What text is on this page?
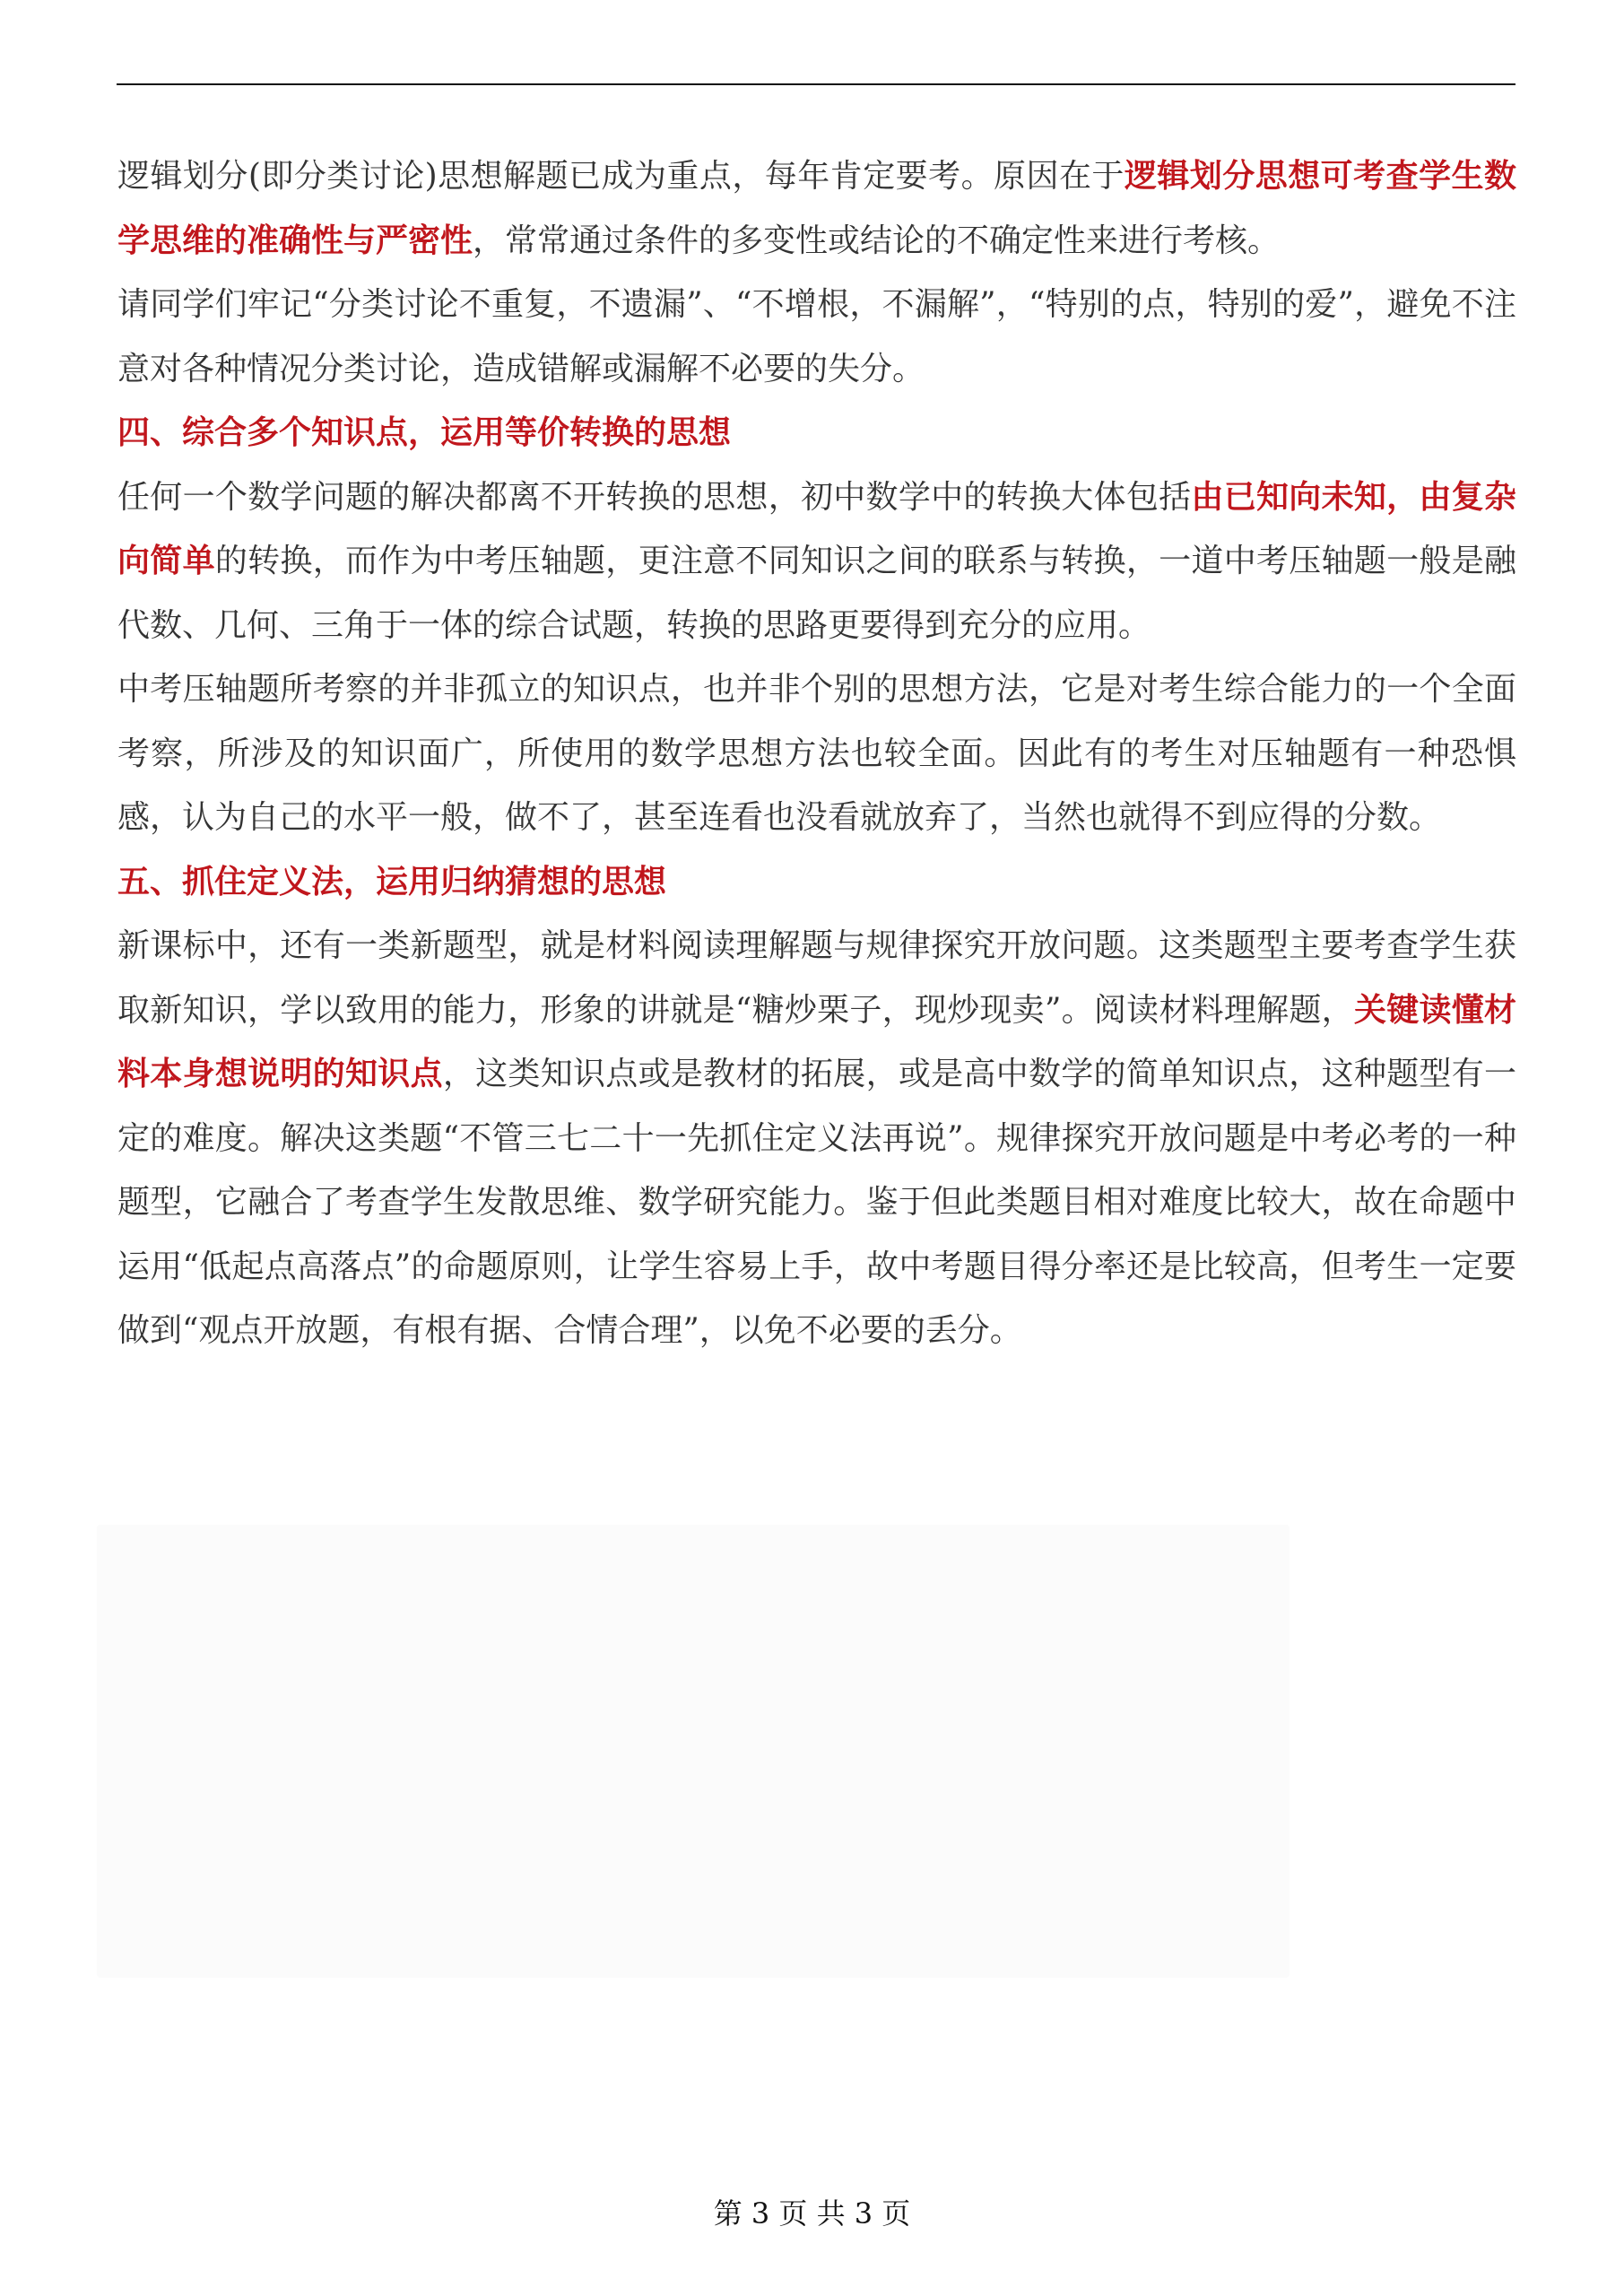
逻辑划分(即分类讨论)思想解题已成为重点，每年肯定要考。原因在于逻辑划分思想可考查学生数学思维的准确性与严密性，常常通过条件的多变性或结论的不确定性来进行考核。

请同学们牢记“分类讨论不重复，不遗漏”、“不增根，不漏解”，“特别的点，特别的爱”，避免不注意对各种情况分类讨论，造成错解或漏解不必要的失分。

四、综合多个知识点，运用等价转换的思想

任何一个数学问题的解决都离不开转换的思想，初中数学中的转换大体包括由已知向未知，由复杂向简单的转换，而作为中考压轴题，更注意不同知识之间的联系与转换，一道中考压轴题一般是融代数、几何、三角于一体的综合试题，转换的思路更要得到充分的应用。

中考压轴题所考察的并非孤立的知识点，也并非个别的思想方法，它是对考生综合能力的一个全面考察，所涉及的知识面广，所使用的数学思想方法也较全面。因此有的考生对压轴题有一种恐惧感，认为自己的水平一般，做不了，甚至连看也没看就放弃了，当然也就得不到应得的分数。

五、抓住定义法，运用归纳猜想的思想

新课标中，还有一类新题型，就是材料阅读理解题与规律探究开放问题。这类题型主要考查学生获取新知识，学以致用的能力，形象的讲就是“糖炒栗子，现炒现卖”。阅读材料理解题，关键读懂材料本身想说明的知识点，这类知识点或是教材的拓展，或是高中数学的简单知识点，这种题型有一定的难度。解决这类题“不管三七二十一先抓住定义法再说”。规律探究开放问题是中考必考的一种题型，它融合了考查学生发散思维、数学研究能力。鉴于但此类题目相对难度比较大，故在命题中运用“低起点高落点”的命题原则，让学生容易上手，故中考题目得分率还是比较高，但考生一定要做到“观点开放题，有根有据、合情合理”，以免不必要的丢分。

第 3 页 共 3 页
